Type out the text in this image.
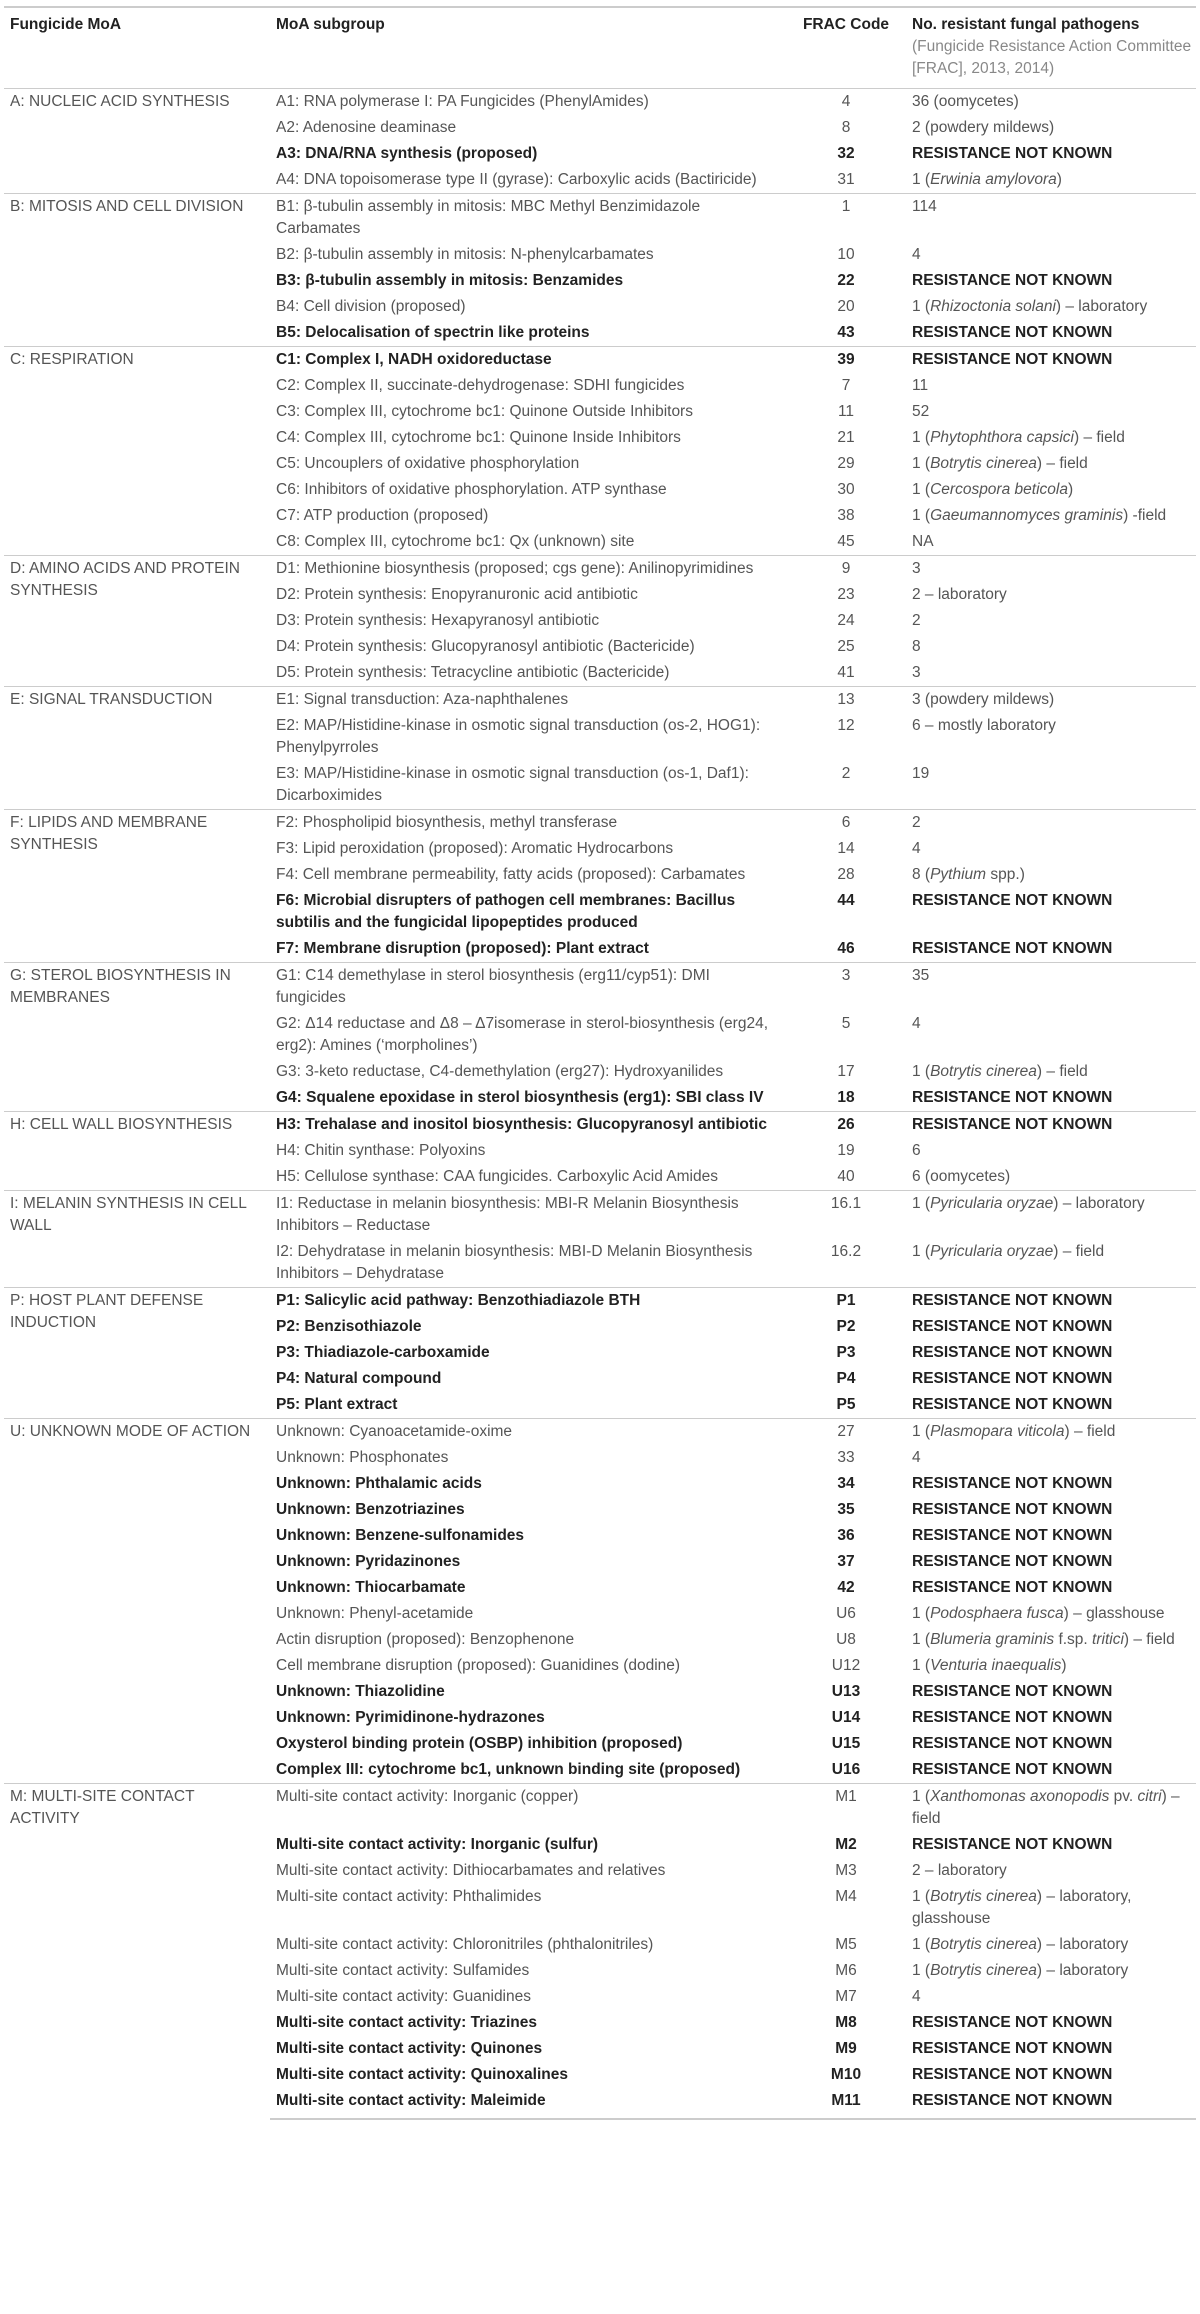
Fungicide MoA	MoA subgroup	FRAC Code	No. resistant fungal pathogens
(Fungicide Resistance Action Committee [FRAC], 2013, 2014)
A: NUCLEIC ACID SYNTHESIS	A1: RNA polymerase I: PA Fungicides (PhenylAmides)	4	36 (oomycetes)
	A2: Adenosine deaminase	8	2 (powdery mildews)
	A3: DNA/RNA synthesis (proposed)	32	RESISTANCE NOT KNOWN
	A4: DNA topoisomerase type II (gyrase): Carboxylic acids (Bactiricide)	31	1 (Erwinia amylovora)
B: MITOSIS AND CELL DIVISION	B1: β-tubulin assembly in mitosis: MBC Methyl Benzimidazole Carbamates	1	114
	B2: β-tubulin assembly in mitosis: N-phenylcarbamates	10	4
	B3: β-tubulin assembly in mitosis: Benzamides	22	RESISTANCE NOT KNOWN
	B4: Cell division (proposed)	20	1 (Rhizoctonia solani) – laboratory
	B5: Delocalisation of spectrin like proteins	43	RESISTANCE NOT KNOWN
C: RESPIRATION	C1: Complex I, NADH oxidoreductase	39	RESISTANCE NOT KNOWN
	C2: Complex II, succinate-dehydrogenase: SDHI fungicides	7	11
	C3: Complex III, cytochrome bc1: Quinone Outside Inhibitors	11	52
	C4: Complex III, cytochrome bc1: Quinone Inside Inhibitors	21	1 (Phytophthora capsici) – field
	C5: Uncouplers of oxidative phosphorylation	29	1 (Botrytis cinerea) – field
	C6: Inhibitors of oxidative phosphorylation. ATP synthase	30	1 (Cercospora beticola)
	C7: ATP production (proposed)	38	1 (Gaeumannomyces graminis) -field
	C8: Complex III, cytochrome bc1: Qx (unknown) site	45	NA
D: AMINO ACIDS AND PROTEIN SYNTHESIS	D1: Methionine biosynthesis (proposed; cgs gene): Anilinopyrimidines	9	3
	D2: Protein synthesis: Enopyranuronic acid antibiotic	23	2 – laboratory
	D3: Protein synthesis: Hexapyranosyl antibiotic	24	2
	D4: Protein synthesis: Glucopyranosyl antibiotic (Bactericide)	25	8
	D5: Protein synthesis: Tetracycline antibiotic (Bactericide)	41	3
E: SIGNAL TRANSDUCTION	E1: Signal transduction: Aza-naphthalenes	13	3 (powdery mildews)
	E2: MAP/Histidine-kinase in osmotic signal transduction (os-2, HOG1): Phenylpyrroles	12	6 – mostly laboratory
	E3: MAP/Histidine-kinase in osmotic signal transduction (os-1, Daf1): Dicarboximides	2	19
F: LIPIDS AND MEMBRANE SYNTHESIS	F2: Phospholipid biosynthesis, methyl transferase	6	2
	F3: Lipid peroxidation (proposed): Aromatic Hydrocarbons	14	4
	F4: Cell membrane permeability, fatty acids (proposed): Carbamates	28	8 (Pythium spp.)
	F6: Microbial disrupters of pathogen cell membranes: Bacillus subtilis and the fungicidal lipopeptides produced	44	RESISTANCE NOT KNOWN
	F7: Membrane disruption (proposed): Plant extract	46	RESISTANCE NOT KNOWN
G: STEROL BIOSYNTHESIS IN MEMBRANES	G1: C14 demethylase in sterol biosynthesis (erg11/cyp51): DMI fungicides	3	35
	G2: Δ14 reductase and Δ8 – Δ7isomerase in sterol-biosynthesis (erg24, erg2): Amines (‘morpholines’)	5	4
	G3: 3-keto reductase, C4-demethylation (erg27): Hydroxyanilides	17	1 (Botrytis cinerea) – field
	G4: Squalene epoxidase in sterol biosynthesis (erg1): SBI class IV	18	RESISTANCE NOT KNOWN
H: CELL WALL BIOSYNTHESIS	H3: Trehalase and inositol biosynthesis: Glucopyranosyl antibiotic	26	RESISTANCE NOT KNOWN
	H4: Chitin synthase: Polyoxins	19	6
	H5: Cellulose synthase: CAA fungicides. Carboxylic Acid Amides	40	6 (oomycetes)
I: MELANIN SYNTHESIS IN CELL WALL	I1: Reductase in melanin biosynthesis: MBI-R Melanin Biosynthesis Inhibitors – Reductase	16.1	1 (Pyricularia oryzae) – laboratory
	I2: Dehydratase in melanin biosynthesis: MBI-D Melanin Biosynthesis Inhibitors – Dehydratase	16.2	1 (Pyricularia oryzae) – field
P: HOST PLANT DEFENSE INDUCTION	P1: Salicylic acid pathway: Benzothiadiazole BTH	P1	RESISTANCE NOT KNOWN
	P2: Benzisothiazole	P2	RESISTANCE NOT KNOWN
	P3: Thiadiazole-carboxamide	P3	RESISTANCE NOT KNOWN
	P4: Natural compound	P4	RESISTANCE NOT KNOWN
	P5: Plant extract	P5	RESISTANCE NOT KNOWN
U: UNKNOWN MODE OF ACTION	Unknown: Cyanoacetamide-oxime	27	1 (Plasmopara viticola) – field
	Unknown: Phosphonates	33	4
	Unknown: Phthalamic acids	34	RESISTANCE NOT KNOWN
	Unknown: Benzotriazines	35	RESISTANCE NOT KNOWN
	Unknown: Benzene-sulfonamides	36	RESISTANCE NOT KNOWN
	Unknown: Pyridazinones	37	RESISTANCE NOT KNOWN
	Unknown: Thiocarbamate	42	RESISTANCE NOT KNOWN
	Unknown: Phenyl-acetamide	U6	1 (Podosphaera fusca) – glasshouse
	Actin disruption (proposed): Benzophenone	U8	1 (Blumeria graminis f.sp. tritici) – field
	Cell membrane disruption (proposed): Guanidines (dodine)	U12	1 (Venturia inaequalis)
	Unknown: Thiazolidine	U13	RESISTANCE NOT KNOWN
	Unknown: Pyrimidinone-hydrazones	U14	RESISTANCE NOT KNOWN
	Oxysterol binding protein (OSBP) inhibition (proposed)	U15	RESISTANCE NOT KNOWN
	Complex III: cytochrome bc1, unknown binding site (proposed)	U16	RESISTANCE NOT KNOWN
M: MULTI-SITE CONTACT ACTIVITY	Multi-site contact activity: Inorganic (copper)	M1	1 (Xanthomonas axonopodis pv. citri) – field
	Multi-site contact activity: Inorganic (sulfur)	M2	RESISTANCE NOT KNOWN
	Multi-site contact activity: Dithiocarbamates and relatives	M3	2 – laboratory
	Multi-site contact activity: Phthalimides	M4	1 (Botrytis cinerea) – laboratory, glasshouse
	Multi-site contact activity: Chloronitriles (phthalonitriles)	M5	1 (Botrytis cinerea) – laboratory
	Multi-site contact activity: Sulfamides	M6	1 (Botrytis cinerea) – laboratory
	Multi-site contact activity: Guanidines	M7	4
	Multi-site contact activity: Triazines	M8	RESISTANCE NOT KNOWN
	Multi-site contact activity: Quinones	M9	RESISTANCE NOT KNOWN
	Multi-site contact activity: Quinoxalines	M10	RESISTANCE NOT KNOWN
	Multi-site contact activity: Maleimide	M11	RESISTANCE NOT KNOWN
